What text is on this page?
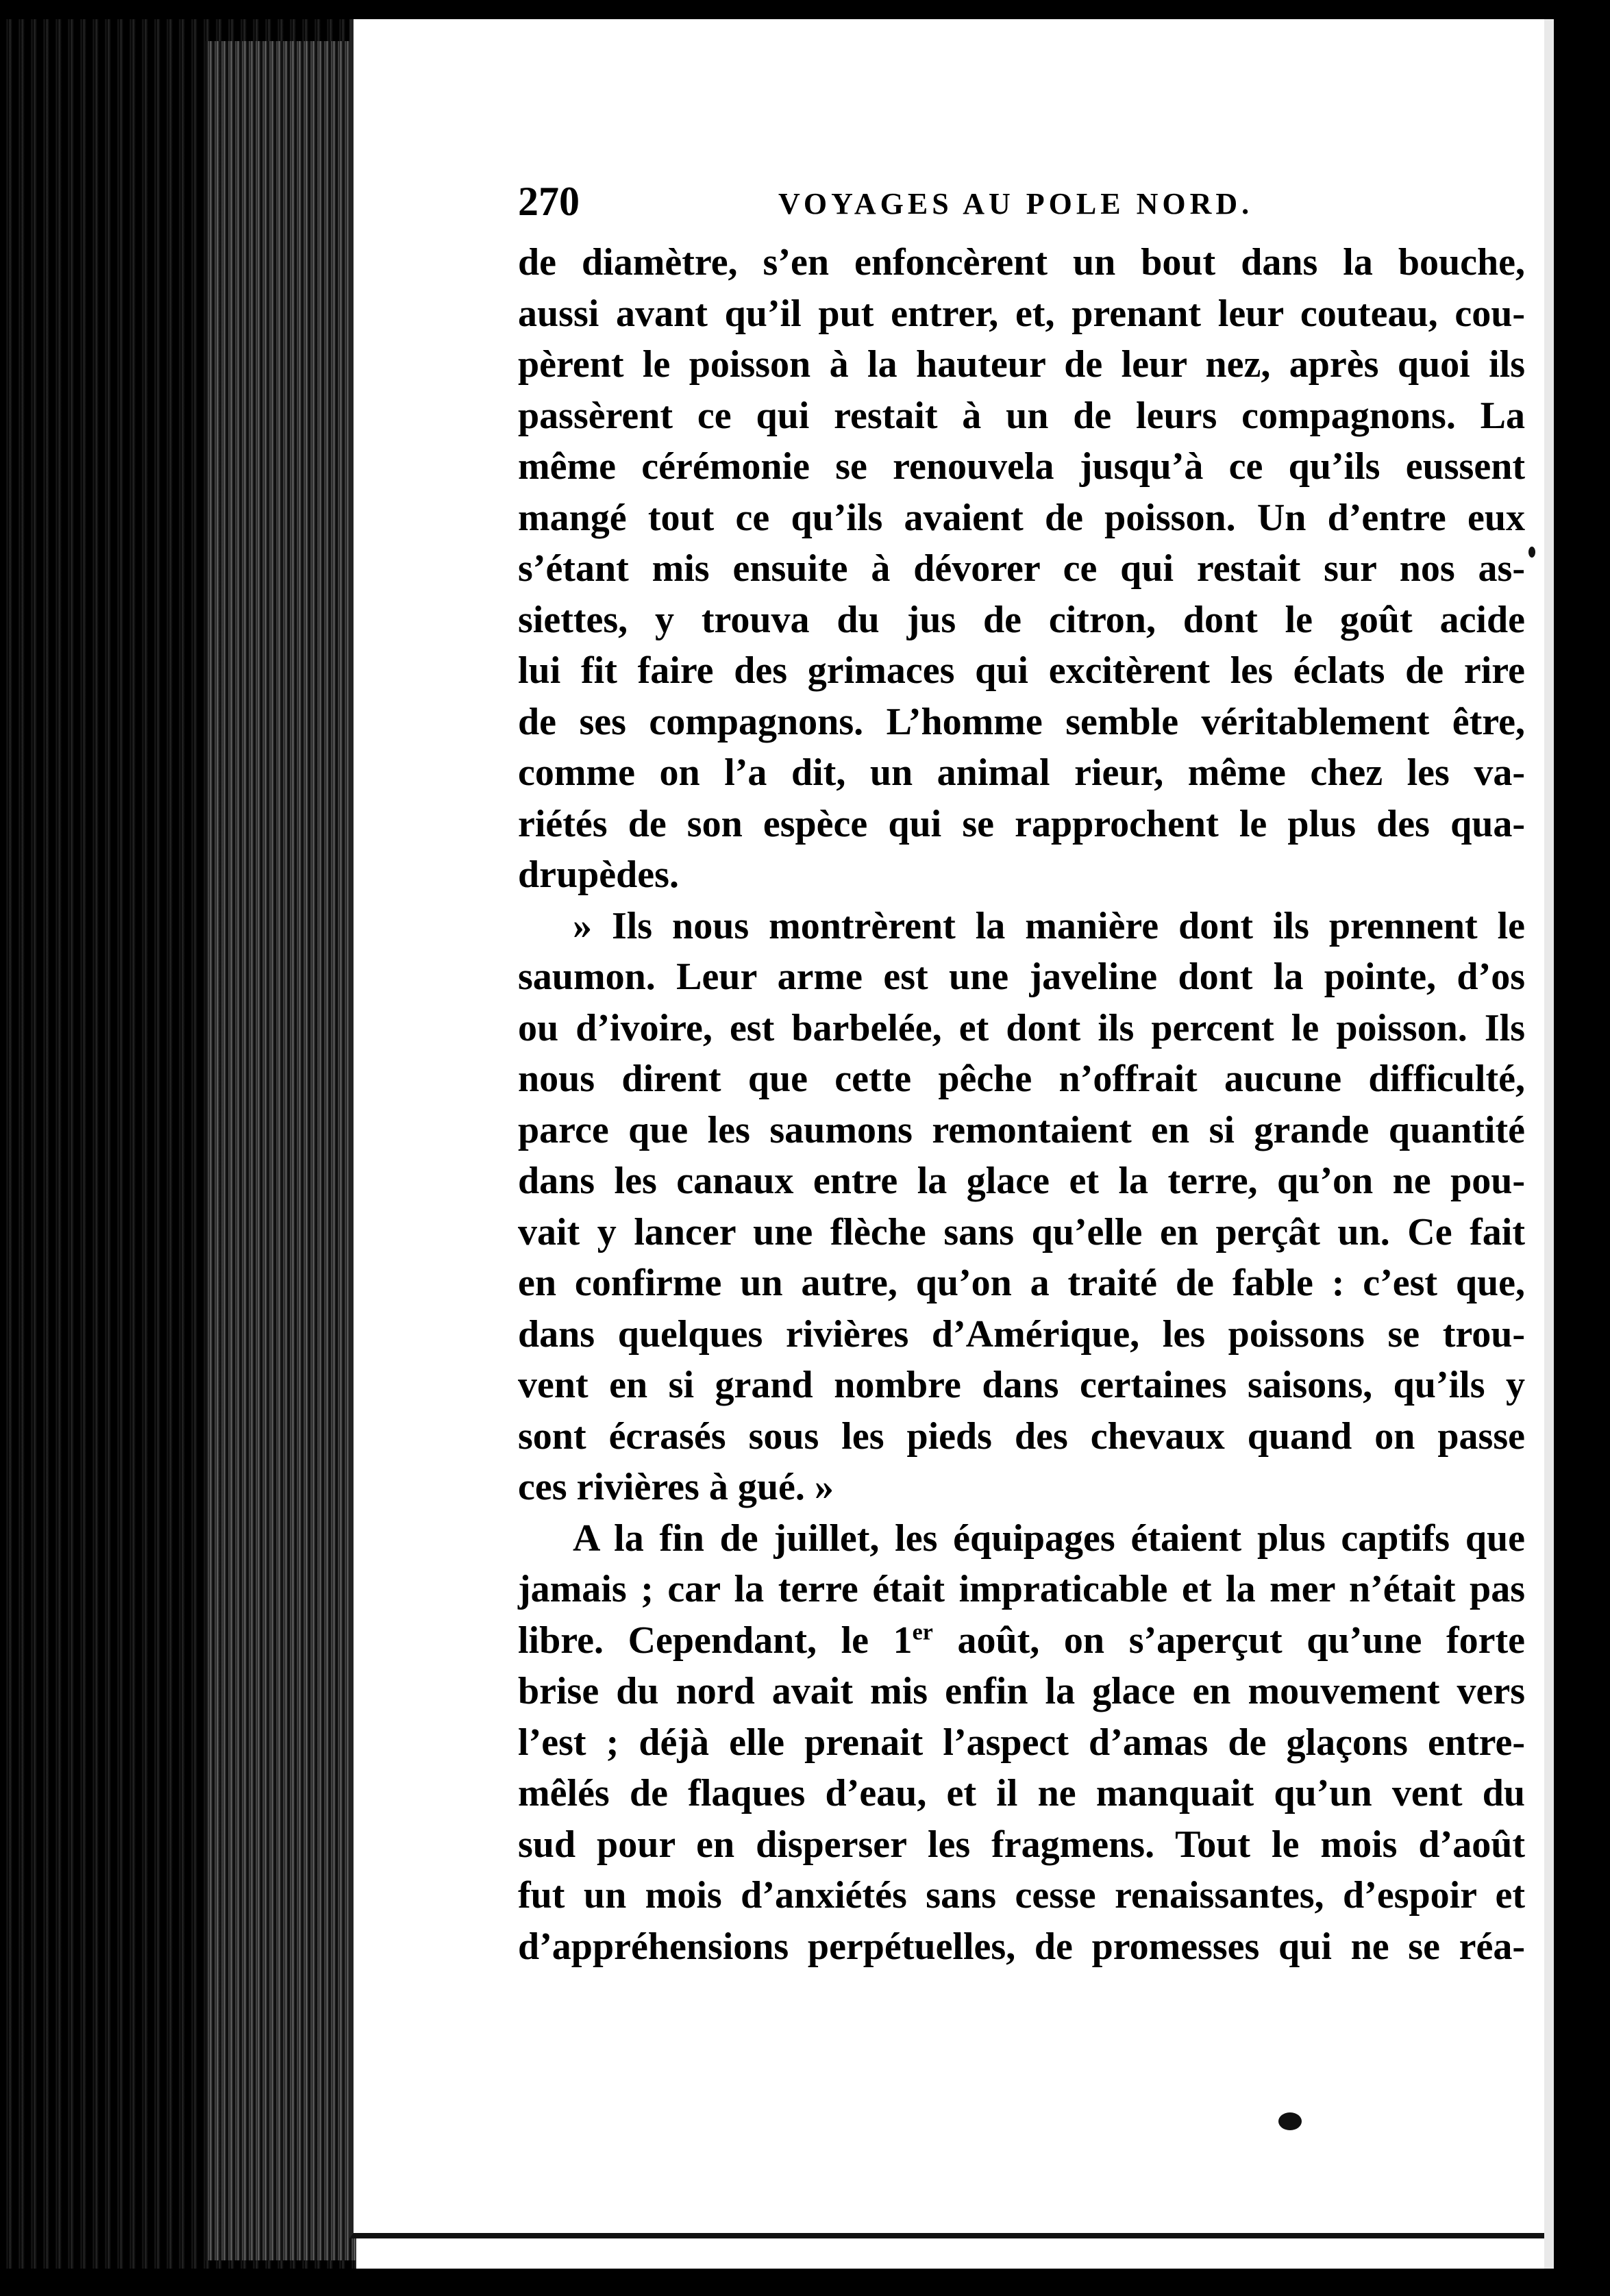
270	VOYAGES AU POLE NORD.
de diamètre, s’en enfoncèrent un bout dans la bouche,
aussi avant qu’il put entrer, et, prenant leur couteau, cou-
pèrent le poisson à la hauteur de leur nez, après quoi ils
passèrent ce qui restait à un de leurs compagnons. La
même cérémonie se renouvela jusqu’à ce qu’ils eussent
mangé tout ce qu’ils avaient de poisson. Un d’entre eux
s’étant mis ensuite à dévorer ce qui restait sur nos as-
siettes, y trouva du jus de citron, dont le goût acide
lui fit faire des grimaces qui excitèrent les éclats de rire
de ses compagnons. L’homme semble véritablement être,
comme on l’a dit, un animal rieur, même chez les va-
riétés de son espèce qui se rapprochent le plus des qua-
drupèdes.
» Ils nous montrèrent la manière dont ils prennent le
saumon. Leur arme est une javeline dont la pointe, d’os
ou d’ivoire, est barbelée, et dont ils percent le poisson. Ils
nous dirent que cette pêche n’offrait aucune difficulté,
parce que les saumons remontaient en si grande quantité
dans les canaux entre la glace et la terre, qu’on ne pou-
vait y lancer une flèche sans qu’elle en perçât un. Ce fait
en confirme un autre, qu’on a traité de fable : c’est que,
dans quelques rivières d’Amérique, les poissons se trou-
vent en si grand nombre dans certaines saisons, qu’ils y
sont écrasés sous les pieds des chevaux quand on passe
ces rivières à gué. »
A la fin de juillet, les équipages étaient plus captifs que
jamais ; car la terre était impraticable et la mer n’était pas
libre. Cependant, le 1er août, on s’aperçut qu’une forte
brise du nord avait mis enfin la glace en mouvement vers
l’est ; déjà elle prenait l’aspect d’amas de glaçons entre-
mêlés de flaques d’eau, et il ne manquait qu’un vent du
sud pour en disperser les fragmens. Tout le mois d’août
fut un mois d’anxiétés sans cesse renaissantes, d’espoir et
d’appréhensions perpétuelles, de promesses qui ne se réa-
